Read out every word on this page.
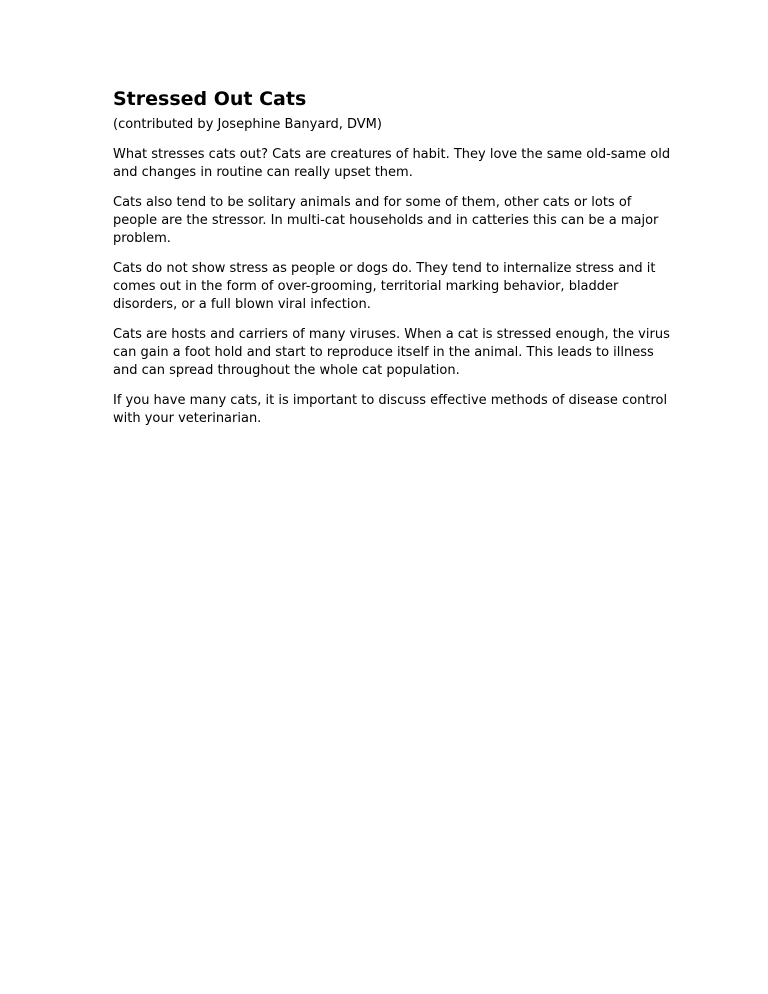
Stressed Out Cats

(contributed by Josephine Banyard, DVM)

What stresses cats out? Cats are creatures of habit. They love the same old-same old and changes in routine can really upset them.

Cats also tend to be solitary animals and for some of them, other cats or lots of people are the stressor. In multi-cat households and in catteries this can be a major problem.

Cats do not show stress as people or dogs do. They tend to internalize stress and it comes out in the form of over-grooming, territorial marking behavior, bladder disorders, or a full blown viral infection.

Cats are hosts and carriers of many viruses. When a cat is stressed enough, the virus can gain a foot hold and start to reproduce itself in the animal. This leads to illness and can spread throughout the whole cat population.

If you have many cats, it is important to discuss effective methods of disease control with your veterinarian.
